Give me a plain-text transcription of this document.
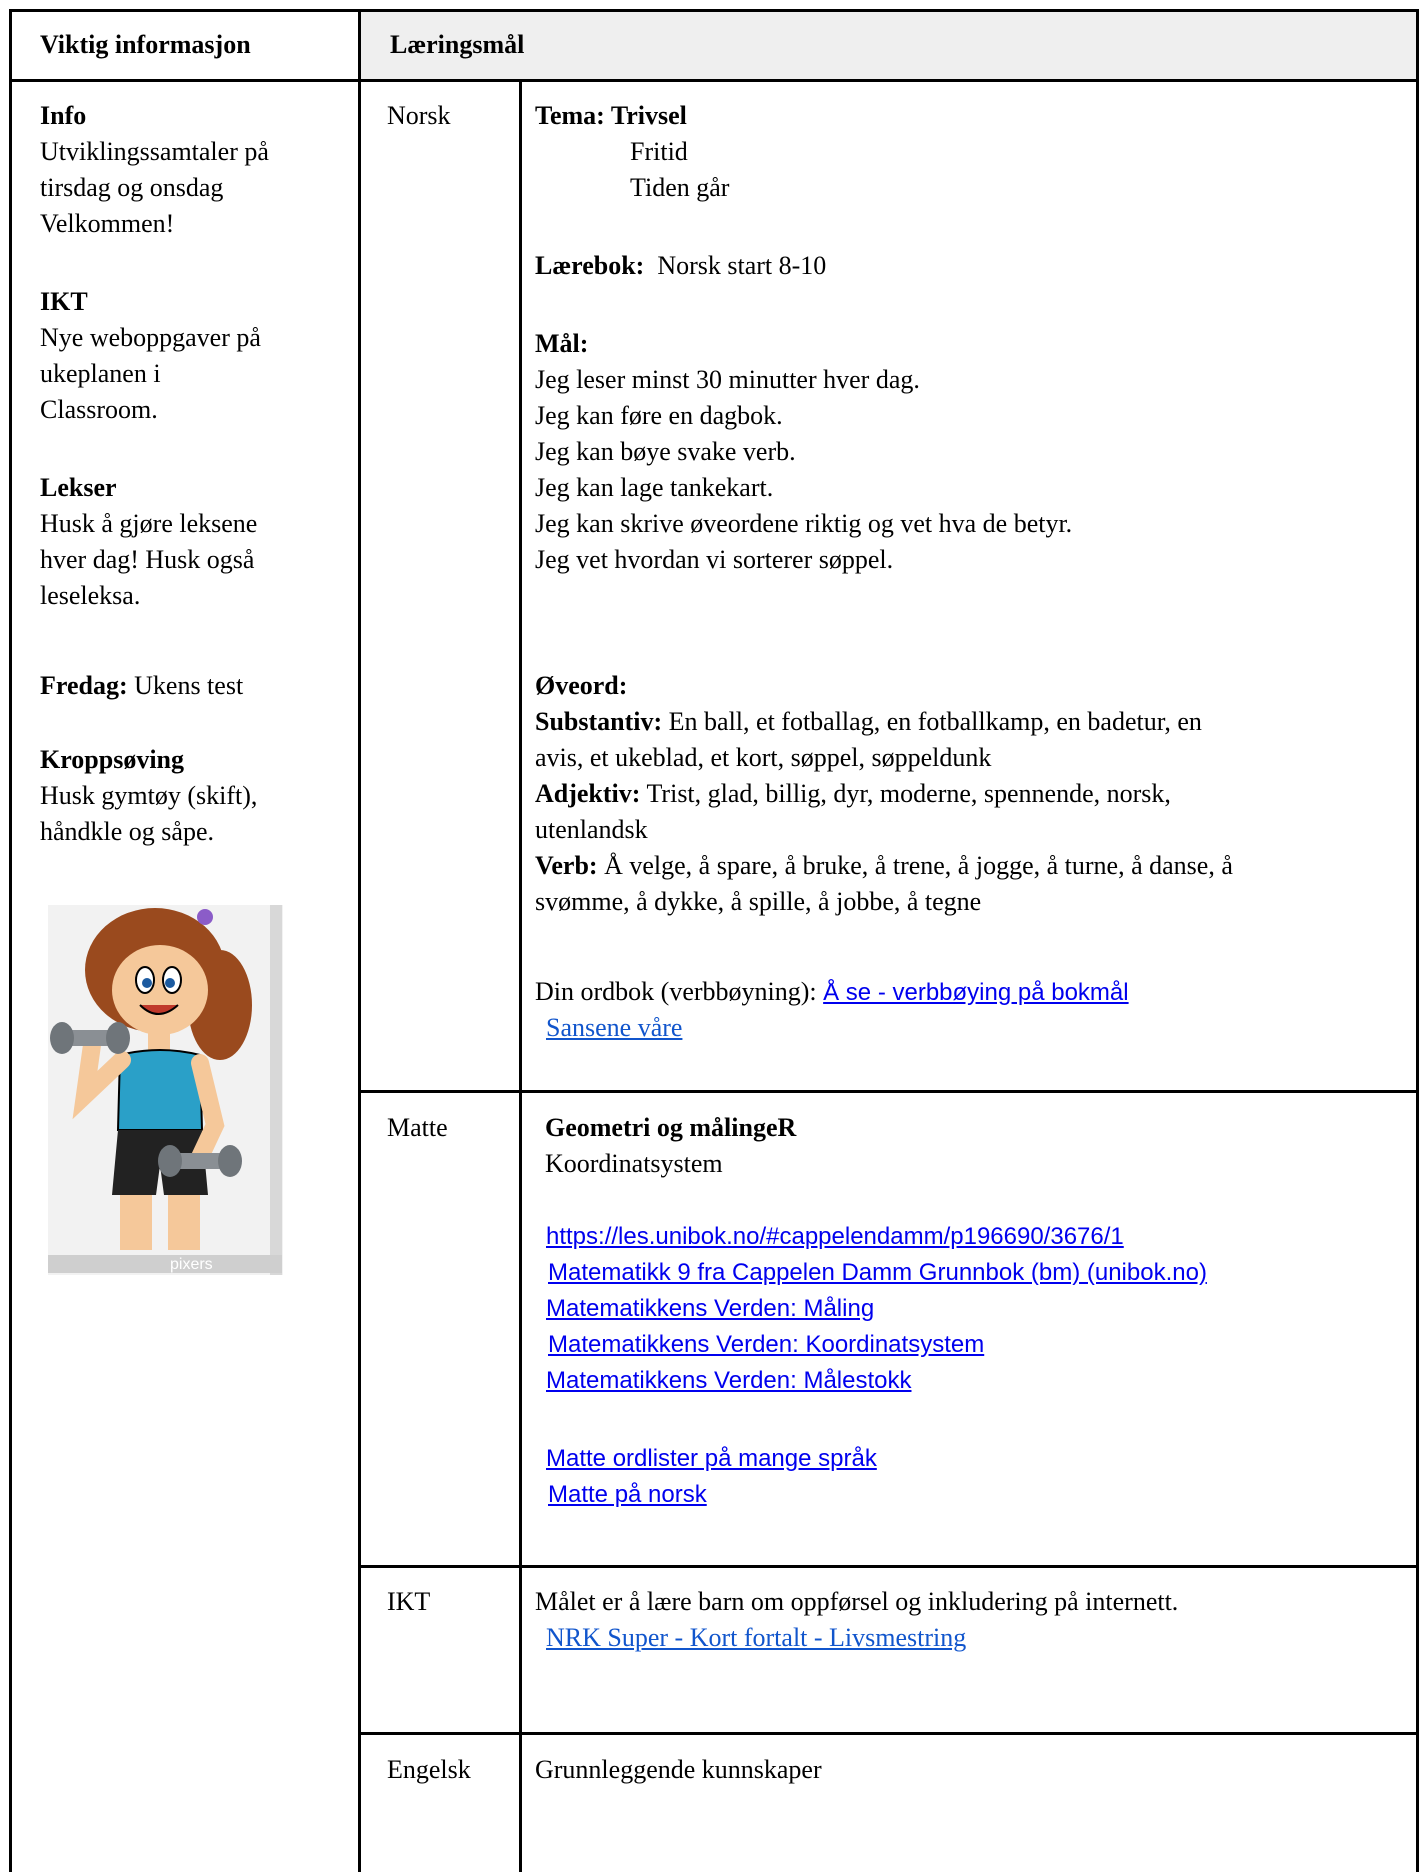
Viktig informasjon	Læringsmål
Info
Utviklingssamtaler på
tirsdag og onsdag
Velkommen!
IKT
Nye weboppgaver på
ukeplanen i
Classroom.
Lekser
Husk å gjøre leksene
hver dag! Husk også
leseleksa.
Fredag: Ukens test
Kroppsøving
Husk gymtøy (skift),
håndkle og såpe.
pixers
Norsk
Matte
IKT
Engelsk
Tema: Trivsel
Fritid
Tiden går
Lærebok:  Norsk start 8-10
Mål:
Jeg leser minst 30 minutter hver dag.
Jeg kan føre en dagbok.
Jeg kan bøye svake verb.
Jeg kan lage tankekart.
Jeg kan skrive øveordene riktig og vet hva de betyr.
Jeg vet hvordan vi sorterer søppel.
Øveord:
Substantiv: En ball, et fotballag, en fotballkamp, en badetur, en
avis, et ukeblad, et kort, søppel, søppeldunk
Adjektiv: Trist, glad, billig, dyr, moderne, spennende, norsk,
utenlandsk
Verb: Å velge, å spare, å bruke, å trene, å jogge, å turne, å danse, å
svømme, å dykke, å spille, å jobbe, å tegne
Din ordbok (verbbøyning): Å se - verbbøying på bokmål
Sansene våre
Geometri og målingeR
Koordinatsystem
https://les.unibok.no/#cappelendamm/p196690/3676/1
Matematikk 9 fra Cappelen Damm Grunnbok (bm) (unibok.no)
Matematikkens Verden: Måling
Matematikkens Verden: Koordinatsystem
Matematikkens Verden: Målestokk
Matte ordlister på mange språk
Matte på norsk
Målet er å lære barn om oppførsel og inkludering på internett.
NRK Super - Kort fortalt - Livsmestring
Grunnleggende kunnskaper
